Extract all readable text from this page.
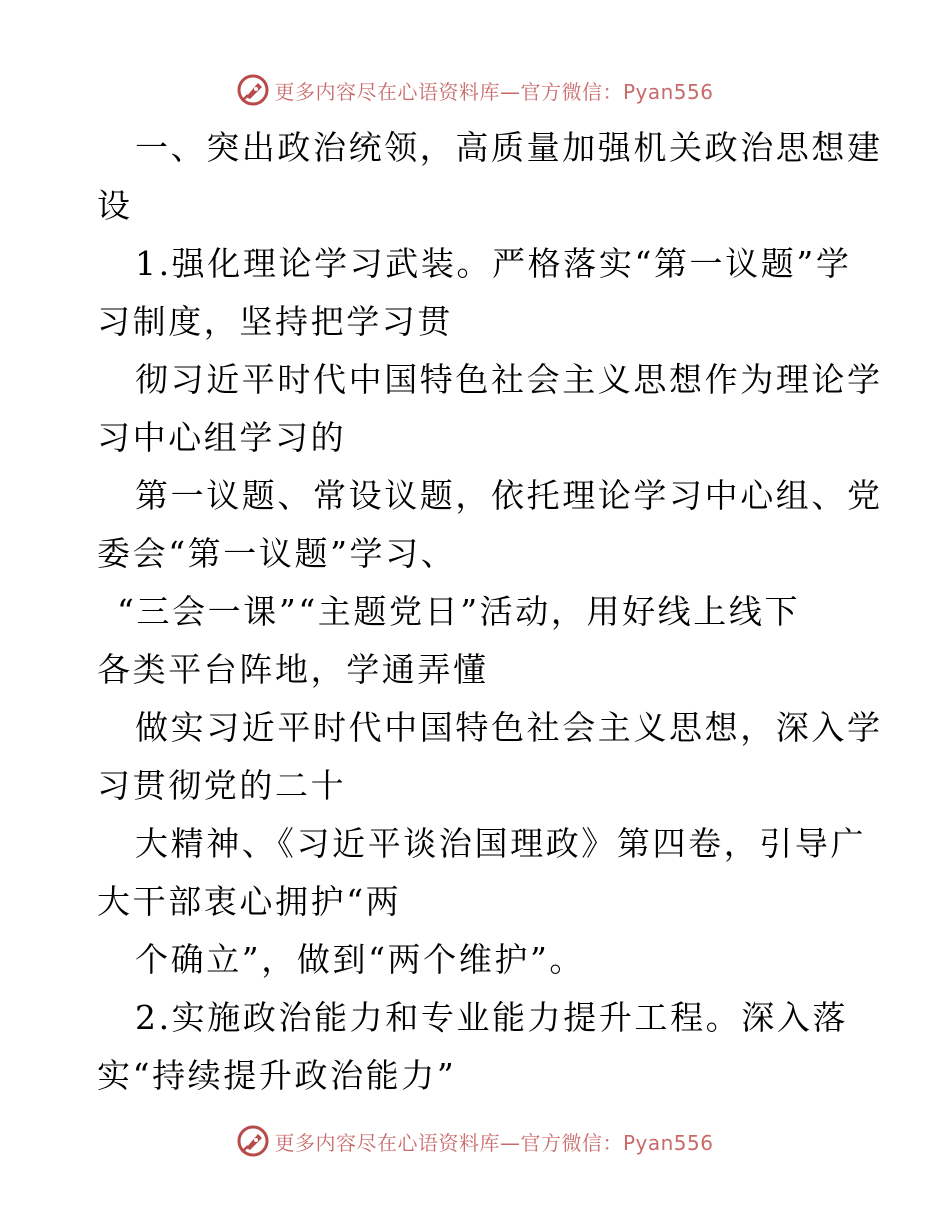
更多内容尽在心语资料库—官方微信：Pyan556
一、突出政治统领，高质量加强机关政治思想建
设
1.强化理论学习武装。严格落实“第一议题”学
习制度，坚持把学习贯
彻习近平时代中国特色社会主义思想作为理论学
习中心组学习的
第一议题、常设议题，依托理论学习中心组、党
委会“第一议题”学习、
“三会一课”“主题党日”活动，用好线上线下
各类平台阵地，学通弄懂
做实习近平时代中国特色社会主义思想，深入学
习贯彻党的二十
大精神、《习近平谈治国理政》第四卷，引导广
大干部衷心拥护“两
个确立”，做到“两个维护”。
2.实施政治能力和专业能力提升工程。深入落
实“持续提升政治能力”
更多内容尽在心语资料库—官方微信：Pyan556
